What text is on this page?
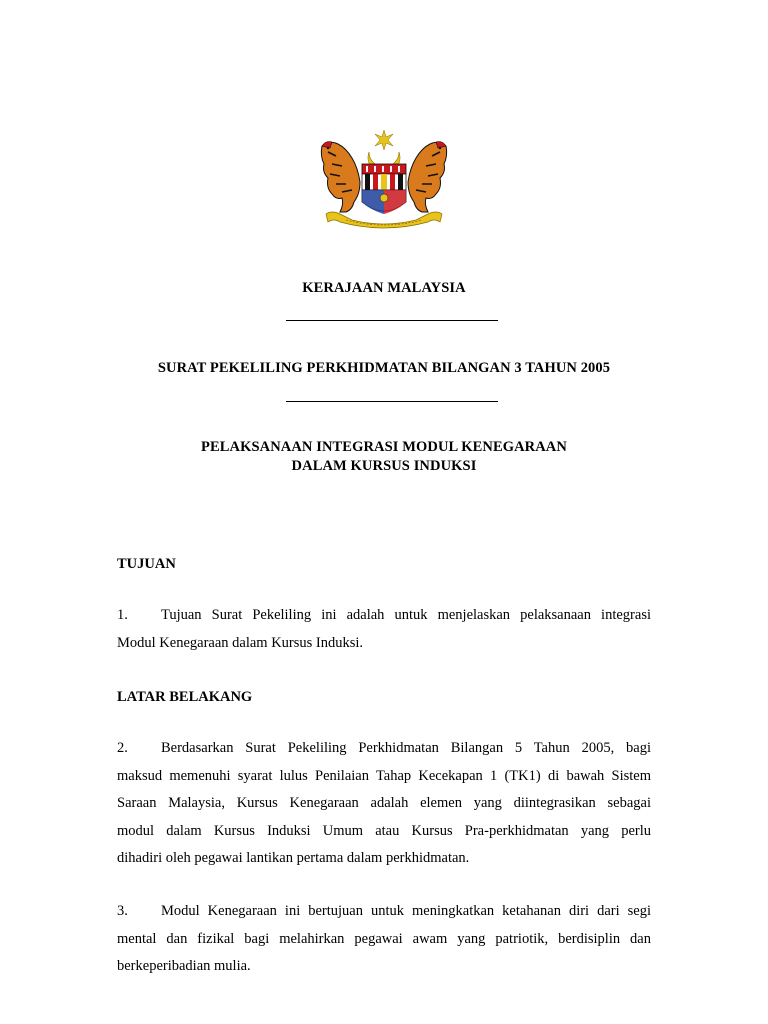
KERAJAAN MALAYSIA
SURAT PEKELILING PERKHIDMATAN BILANGAN 3 TAHUN 2005
PELAKSANAAN INTEGRASI MODUL KENEGARAAN
DALAM KURSUS INDUKSI
TUJUAN
1.	Tujuan Surat Pekeliling ini adalah untuk menjelaskan pelaksanaan integrasi
Modul Kenegaraan dalam Kursus Induksi.
LATAR BELAKANG
2.	Berdasarkan Surat Pekeliling Perkhidmatan Bilangan 5 Tahun 2005, bagi
maksud memenuhi syarat lulus Penilaian Tahap Kecekapan 1 (TK1) di bawah Sistem
Saraan Malaysia, Kursus Kenegaraan adalah elemen yang diintegrasikan sebagai
modul dalam Kursus Induksi Umum atau Kursus Pra-perkhidmatan yang perlu
dihadiri oleh pegawai lantikan pertama dalam perkhidmatan.
3.	Modul Kenegaraan ini bertujuan untuk meningkatkan ketahanan diri dari segi
mental dan fizikal bagi melahirkan pegawai awam yang patriotik, berdisiplin dan
berkeperibadian mulia.
